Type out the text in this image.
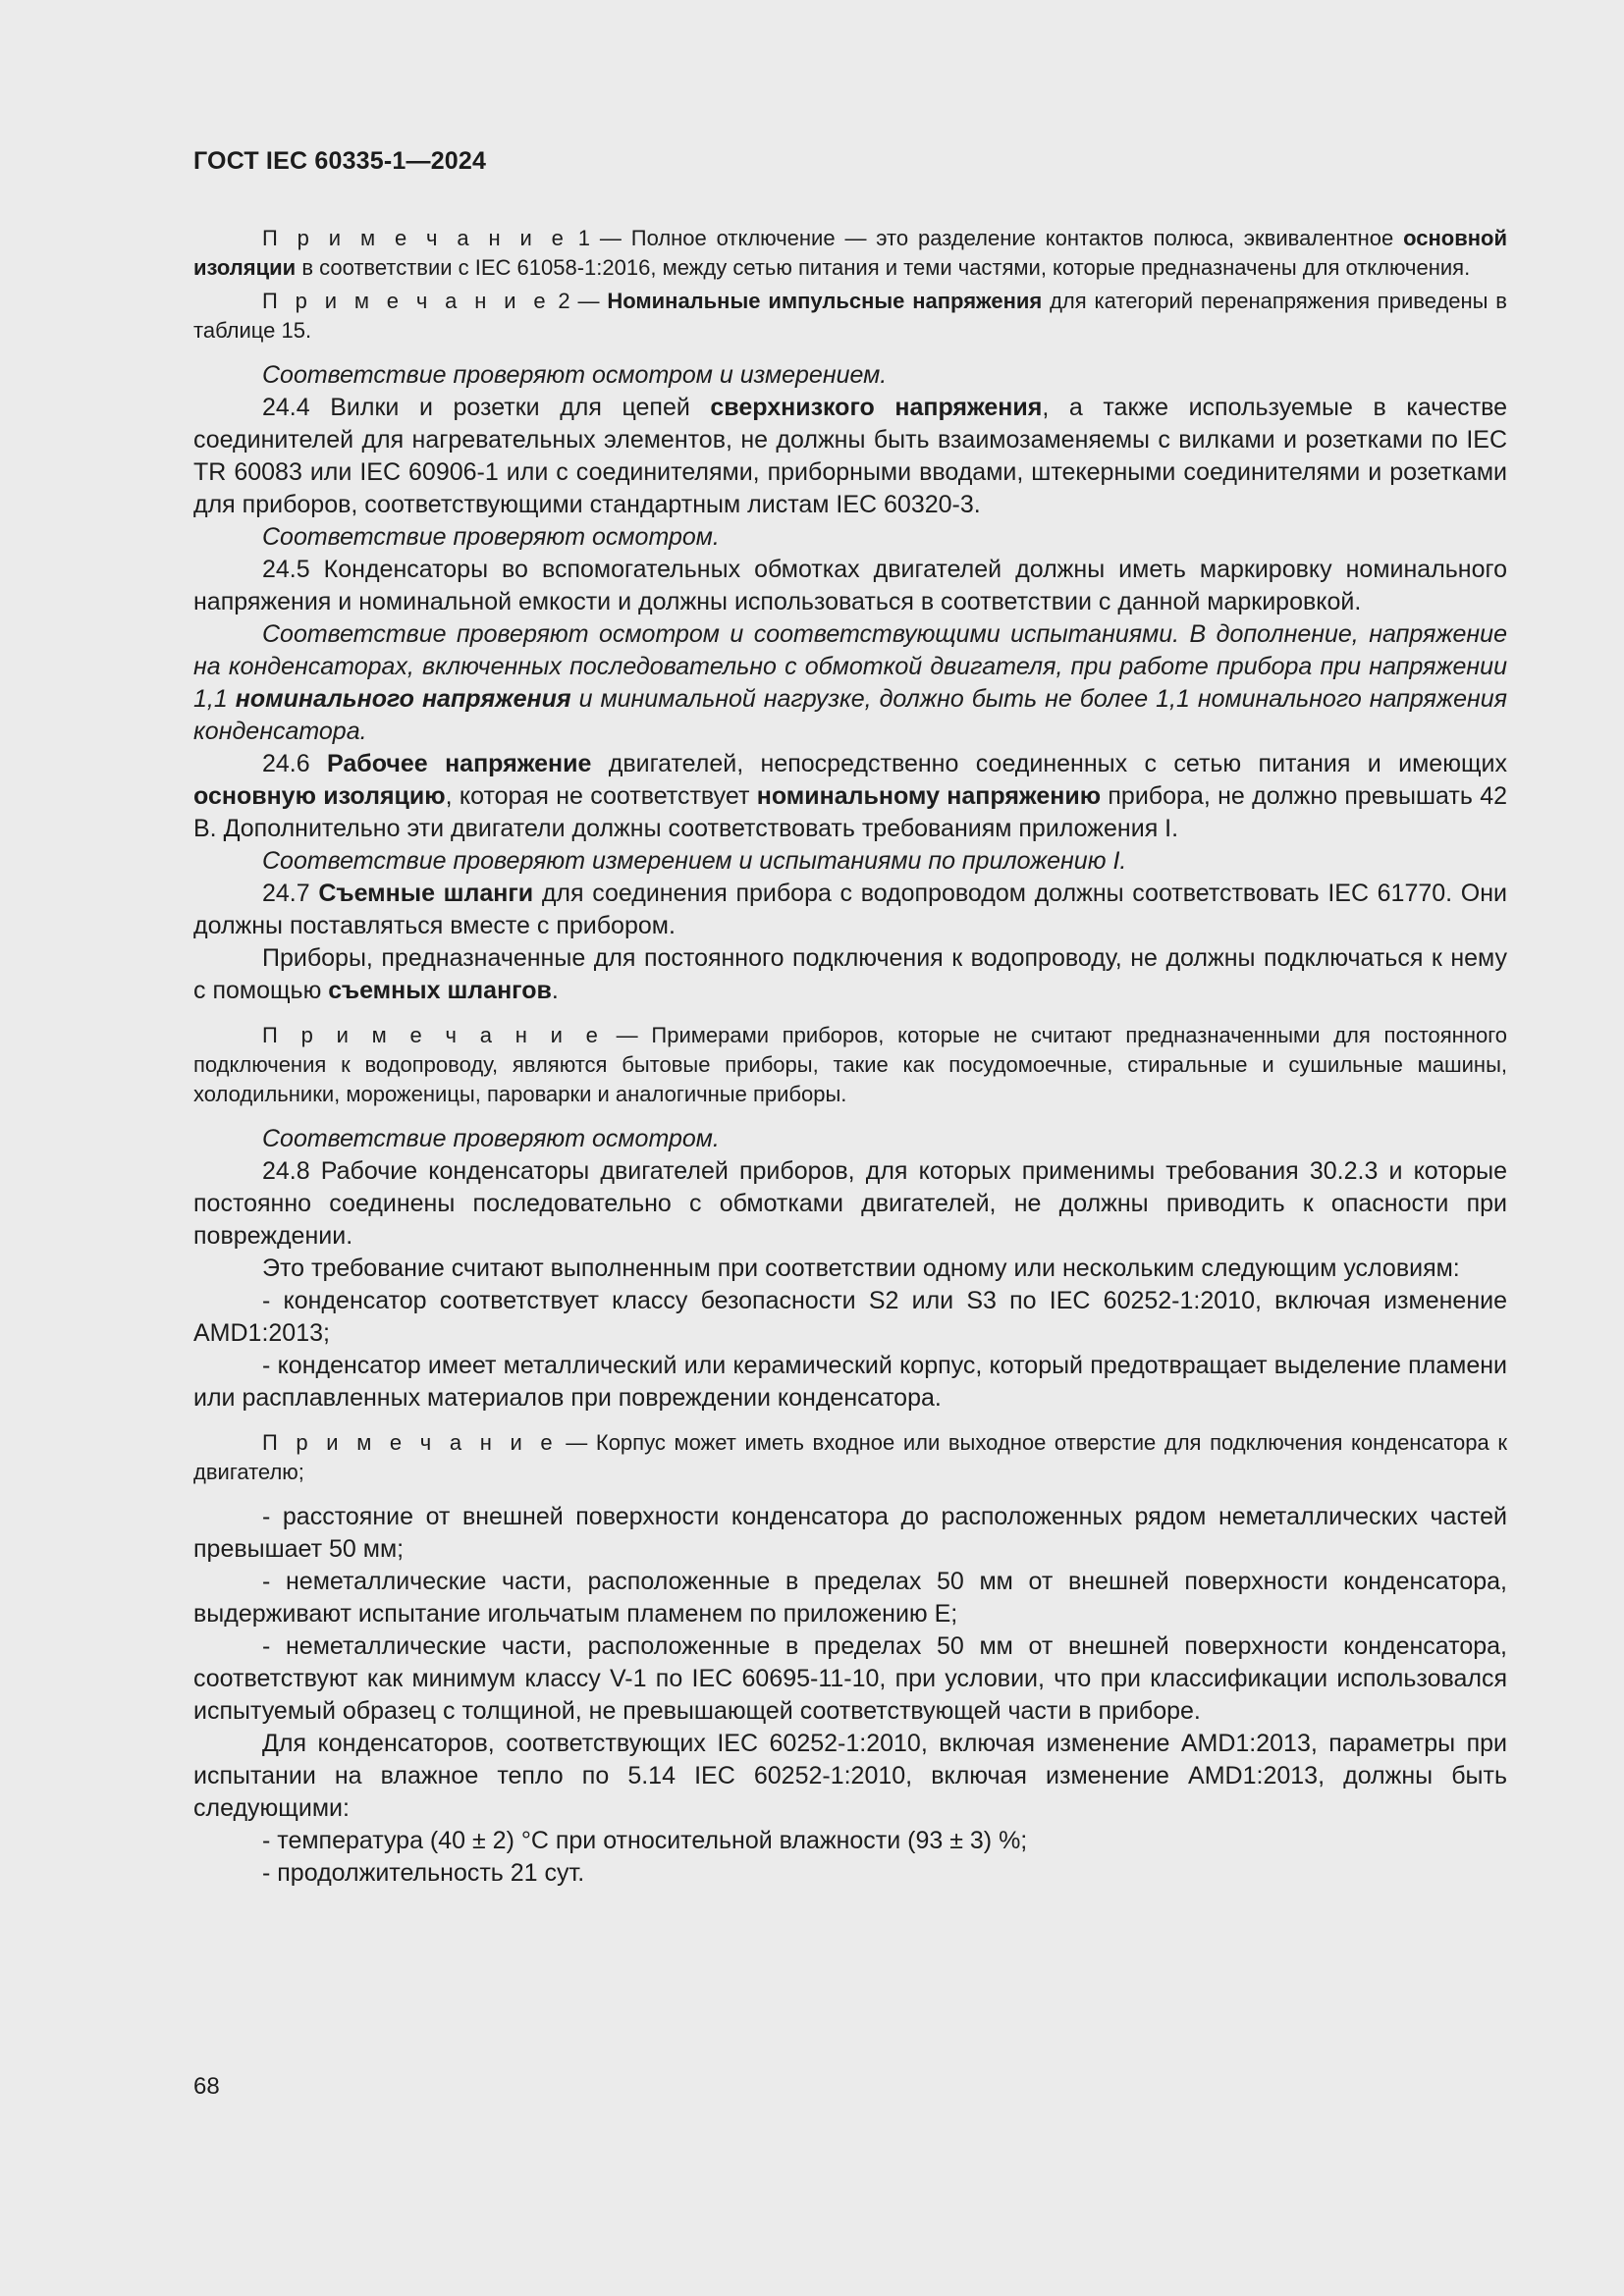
ГОСТ IEC 60335-1—2024

П р и м е ч а н и е 1 — Полное отключение — это разделение контактов полюса, эквивалентное основной изоляции в соответствии с IEC 61058-1:2016, между сетью питания и теми частями, которые предназначены для отключения.

П р и м е ч а н и е 2 — Номинальные импульсные напряжения для категорий перенапряжения приведены в таблице 15.

Соответствие проверяют осмотром и измерением.

24.4 Вилки и розетки для цепей сверхнизкого напряжения, а также используемые в качестве соединителей для нагревательных элементов, не должны быть взаимозаменяемы с вилками и розетками по IEC TR 60083 или IEC 60906-1 или с соединителями, приборными вводами, штекерными соединителями и розетками для приборов, соответствующими стандартным листам IEC 60320-3.

Соответствие проверяют осмотром.

24.5 Конденсаторы во вспомогательных обмотках двигателей должны иметь маркировку номинального напряжения и номинальной емкости и должны использоваться в соответствии с данной маркировкой.

Соответствие проверяют осмотром и соответствующими испытаниями. В дополнение, напряжение на конденсаторах, включенных последовательно с обмоткой двигателя, при работе прибора при напряжении 1,1 номинального напряжения и минимальной нагрузке, должно быть не более 1,1 номинального напряжения конденсатора.

24.6 Рабочее напряжение двигателей, непосредственно соединенных с сетью питания и имеющих основную изоляцию, которая не соответствует номинальному напряжению прибора, не должно превышать 42 В. Дополнительно эти двигатели должны соответствовать требованиям приложения I.

Соответствие проверяют измерением и испытаниями по приложению I.

24.7 Съемные шланги для соединения прибора с водопроводом должны соответствовать IEC 61770. Они должны поставляться вместе с прибором.

Приборы, предназначенные для постоянного подключения к водопроводу, не должны подключаться к нему с помощью съемных шлангов.

П р и м е ч а н и е — Примерами приборов, которые не считают предназначенными для постоянного подключения к водопроводу, являются бытовые приборы, такие как посудомоечные, стиральные и сушильные машины, холодильники, мороженицы, пароварки и аналогичные приборы.

Соответствие проверяют осмотром.

24.8 Рабочие конденсаторы двигателей приборов, для которых применимы требования 30.2.3 и которые постоянно соединены последовательно с обмотками двигателей, не должны приводить к опасности при повреждении.

Это требование считают выполненным при соответствии одному или нескольким следующим условиям:

- конденсатор соответствует классу безопасности S2 или S3 по IEC 60252-1:2010, включая изменение AMD1:2013;

- конденсатор имеет металлический или керамический корпус, который предотвращает выделение пламени или расплавленных материалов при повреждении конденсатора.

П р и м е ч а н и е — Корпус может иметь входное или выходное отверстие для подключения конденсатора к двигателю;

- расстояние от внешней поверхности конденсатора до расположенных рядом неметаллических частей превышает 50 мм;

- неметаллические части, расположенные в пределах 50 мм от внешней поверхности конденсатора, выдерживают испытание игольчатым пламенем по приложению Е;

- неметаллические части, расположенные в пределах 50 мм от внешней поверхности конденсатора, соответствуют как минимум классу V-1 по IEC 60695-11-10, при условии, что при классификации использовался испытуемый образец с толщиной, не превышающей соответствующей части в приборе.

Для конденсаторов, соответствующих IEC 60252-1:2010, включая изменение AMD1:2013, параметры при испытании на влажное тепло по 5.14 IEC 60252-1:2010, включая изменение AMD1:2013, должны быть следующими:

- температура (40 ± 2) °С при относительной влажности (93 ± 3) %;

- продолжительность 21 сут.

68
